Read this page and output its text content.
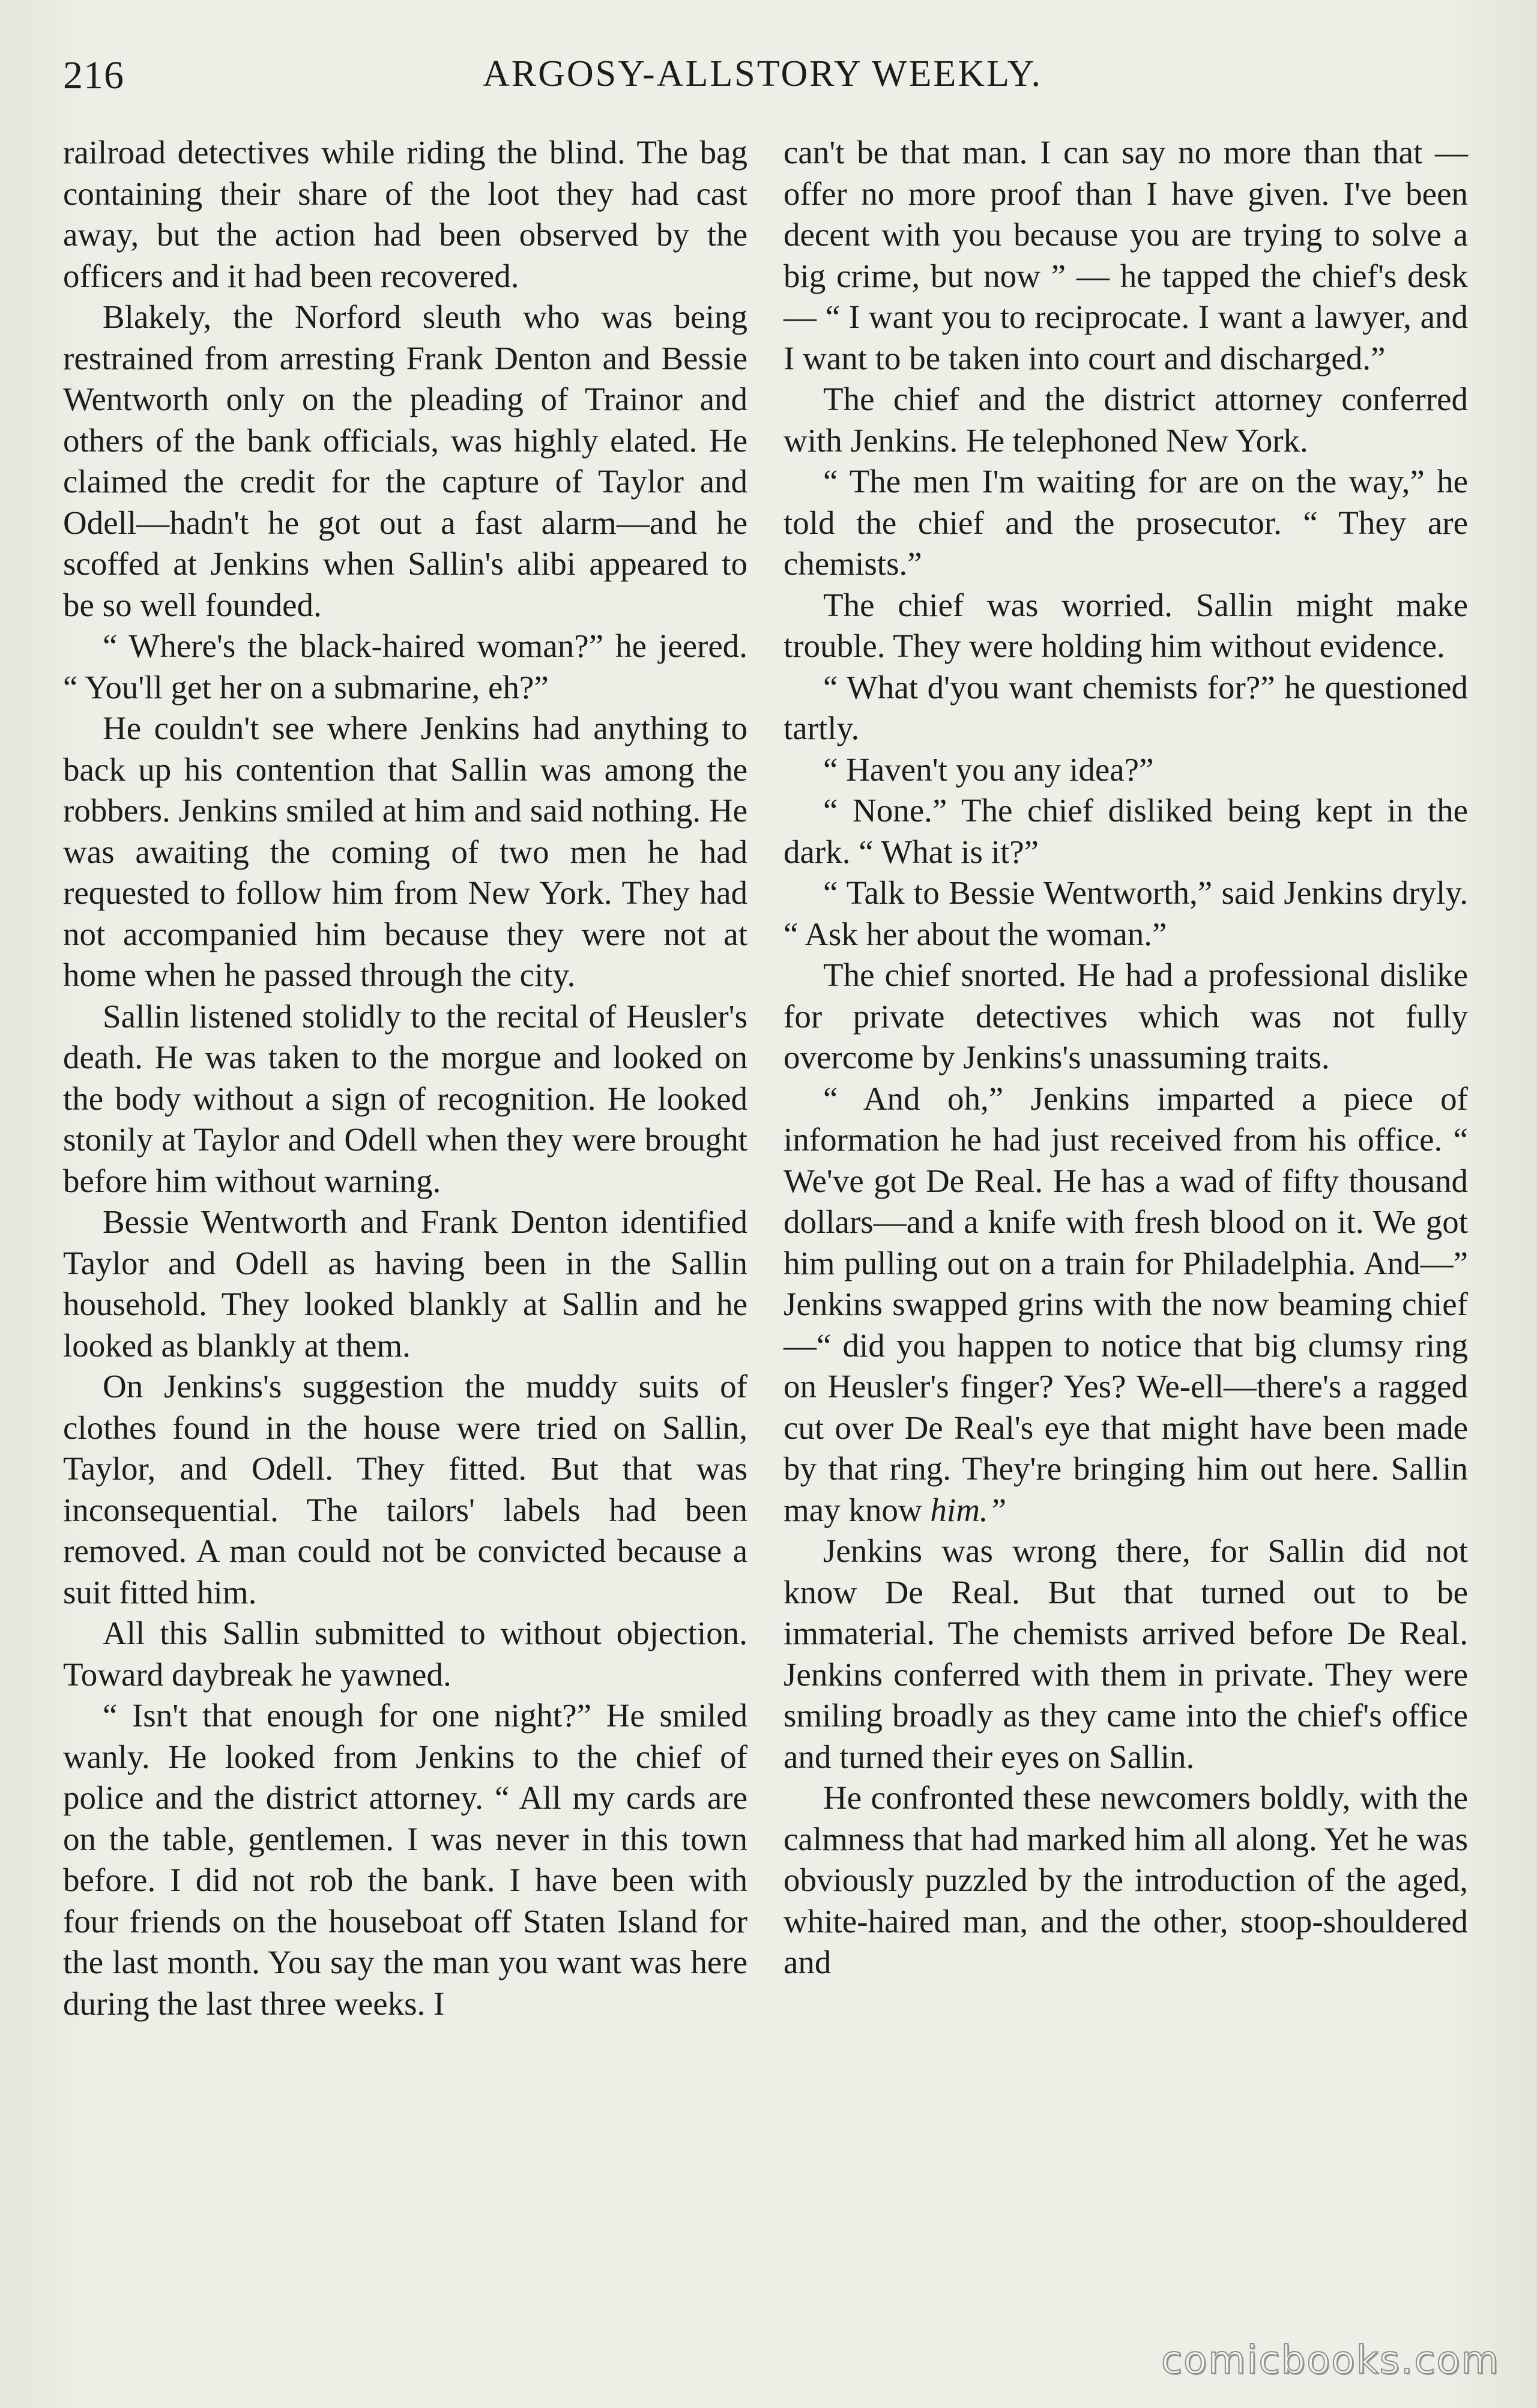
216	ARGOSY-ALLSTORY WEEKLY.

railroad detectives while riding the blind. The bag containing their share of the loot they had cast away, but the action had been observed by the officers and it had been recovered.

Blakely, the Norford sleuth who was being restrained from arresting Frank Denton and Bessie Wentworth only on the pleading of Trainor and others of the bank officials, was highly elated. He claimed the credit for the capture of Taylor and Odell—hadn't he got out a fast alarm—and he scoffed at Jenkins when Sallin's alibi appeared to be so well founded.

“ Where's the black-haired woman?” he jeered. “ You'll get her on a submarine, eh?”

He couldn't see where Jenkins had anything to back up his contention that Sallin was among the robbers. Jenkins smiled at him and said nothing. He was awaiting the coming of two men he had requested to follow him from New York. They had not accompanied him because they were not at home when he passed through the city.

Sallin listened stolidly to the recital of Heusler's death. He was taken to the morgue and looked on the body without a sign of recognition. He looked stonily at Taylor and Odell when they were brought before him without warning.

Bessie Wentworth and Frank Denton identified Taylor and Odell as having been in the Sallin household. They looked blankly at Sallin and he looked as blankly at them.

On Jenkins's suggestion the muddy suits of clothes found in the house were tried on Sallin, Taylor, and Odell. They fitted. But that was inconsequential. The tailors' labels had been removed. A man could not be convicted because a suit fitted him.

All this Sallin submitted to without objection. Toward daybreak he yawned.

“ Isn't that enough for one night?” He smiled wanly. He looked from Jenkins to the chief of police and the district attorney. “ All my cards are on the table, gentlemen. I was never in this town before. I did not rob the bank. I have been with four friends on the houseboat off Staten Island for the last month. You say the man you want was here during the last three weeks. I

can't be that man. I can say no more than that — offer no more proof than I have given. I've been decent with you because you are trying to solve a big crime, but now ” — he tapped the chief's desk — “ I want you to reciprocate. I want a lawyer, and I want to be taken into court and discharged.”

The chief and the district attorney conferred with Jenkins. He telephoned New York.

“ The men I'm waiting for are on the way,” he told the chief and the prosecutor. “ They are chemists.”

The chief was worried. Sallin might make trouble. They were holding him without evidence.

“ What d'you want chemists for?” he questioned tartly.

“ Haven't you any idea?”

“ None.” The chief disliked being kept in the dark. “ What is it?”

“ Talk to Bessie Wentworth,” said Jenkins dryly. “ Ask her about the woman.”

The chief snorted. He had a professional dislike for private detectives which was not fully overcome by Jenkins's unassuming traits.

“ And oh,” Jenkins imparted a piece of information he had just received from his office. “ We've got De Real. He has a wad of fifty thousand dollars—and a knife with fresh blood on it. We got him pulling out on a train for Philadelphia. And—” Jenkins swapped grins with the now beaming chief—“ did you happen to notice that big clumsy ring on Heusler's finger? Yes? We-ell—there's a ragged cut over De Real's eye that might have been made by that ring. They're bringing him out here. Sallin may know him.”

Jenkins was wrong there, for Sallin did not know De Real. But that turned out to be immaterial. The chemists arrived before De Real. Jenkins conferred with them in private. They were smiling broadly as they came into the chief's office and turned their eyes on Sallin.

He confronted these newcomers boldly, with the calmness that had marked him all along. Yet he was obviously puzzled by the introduction of the aged, white-haired man, and the other, stoop-shouldered and

comicbooks.com
